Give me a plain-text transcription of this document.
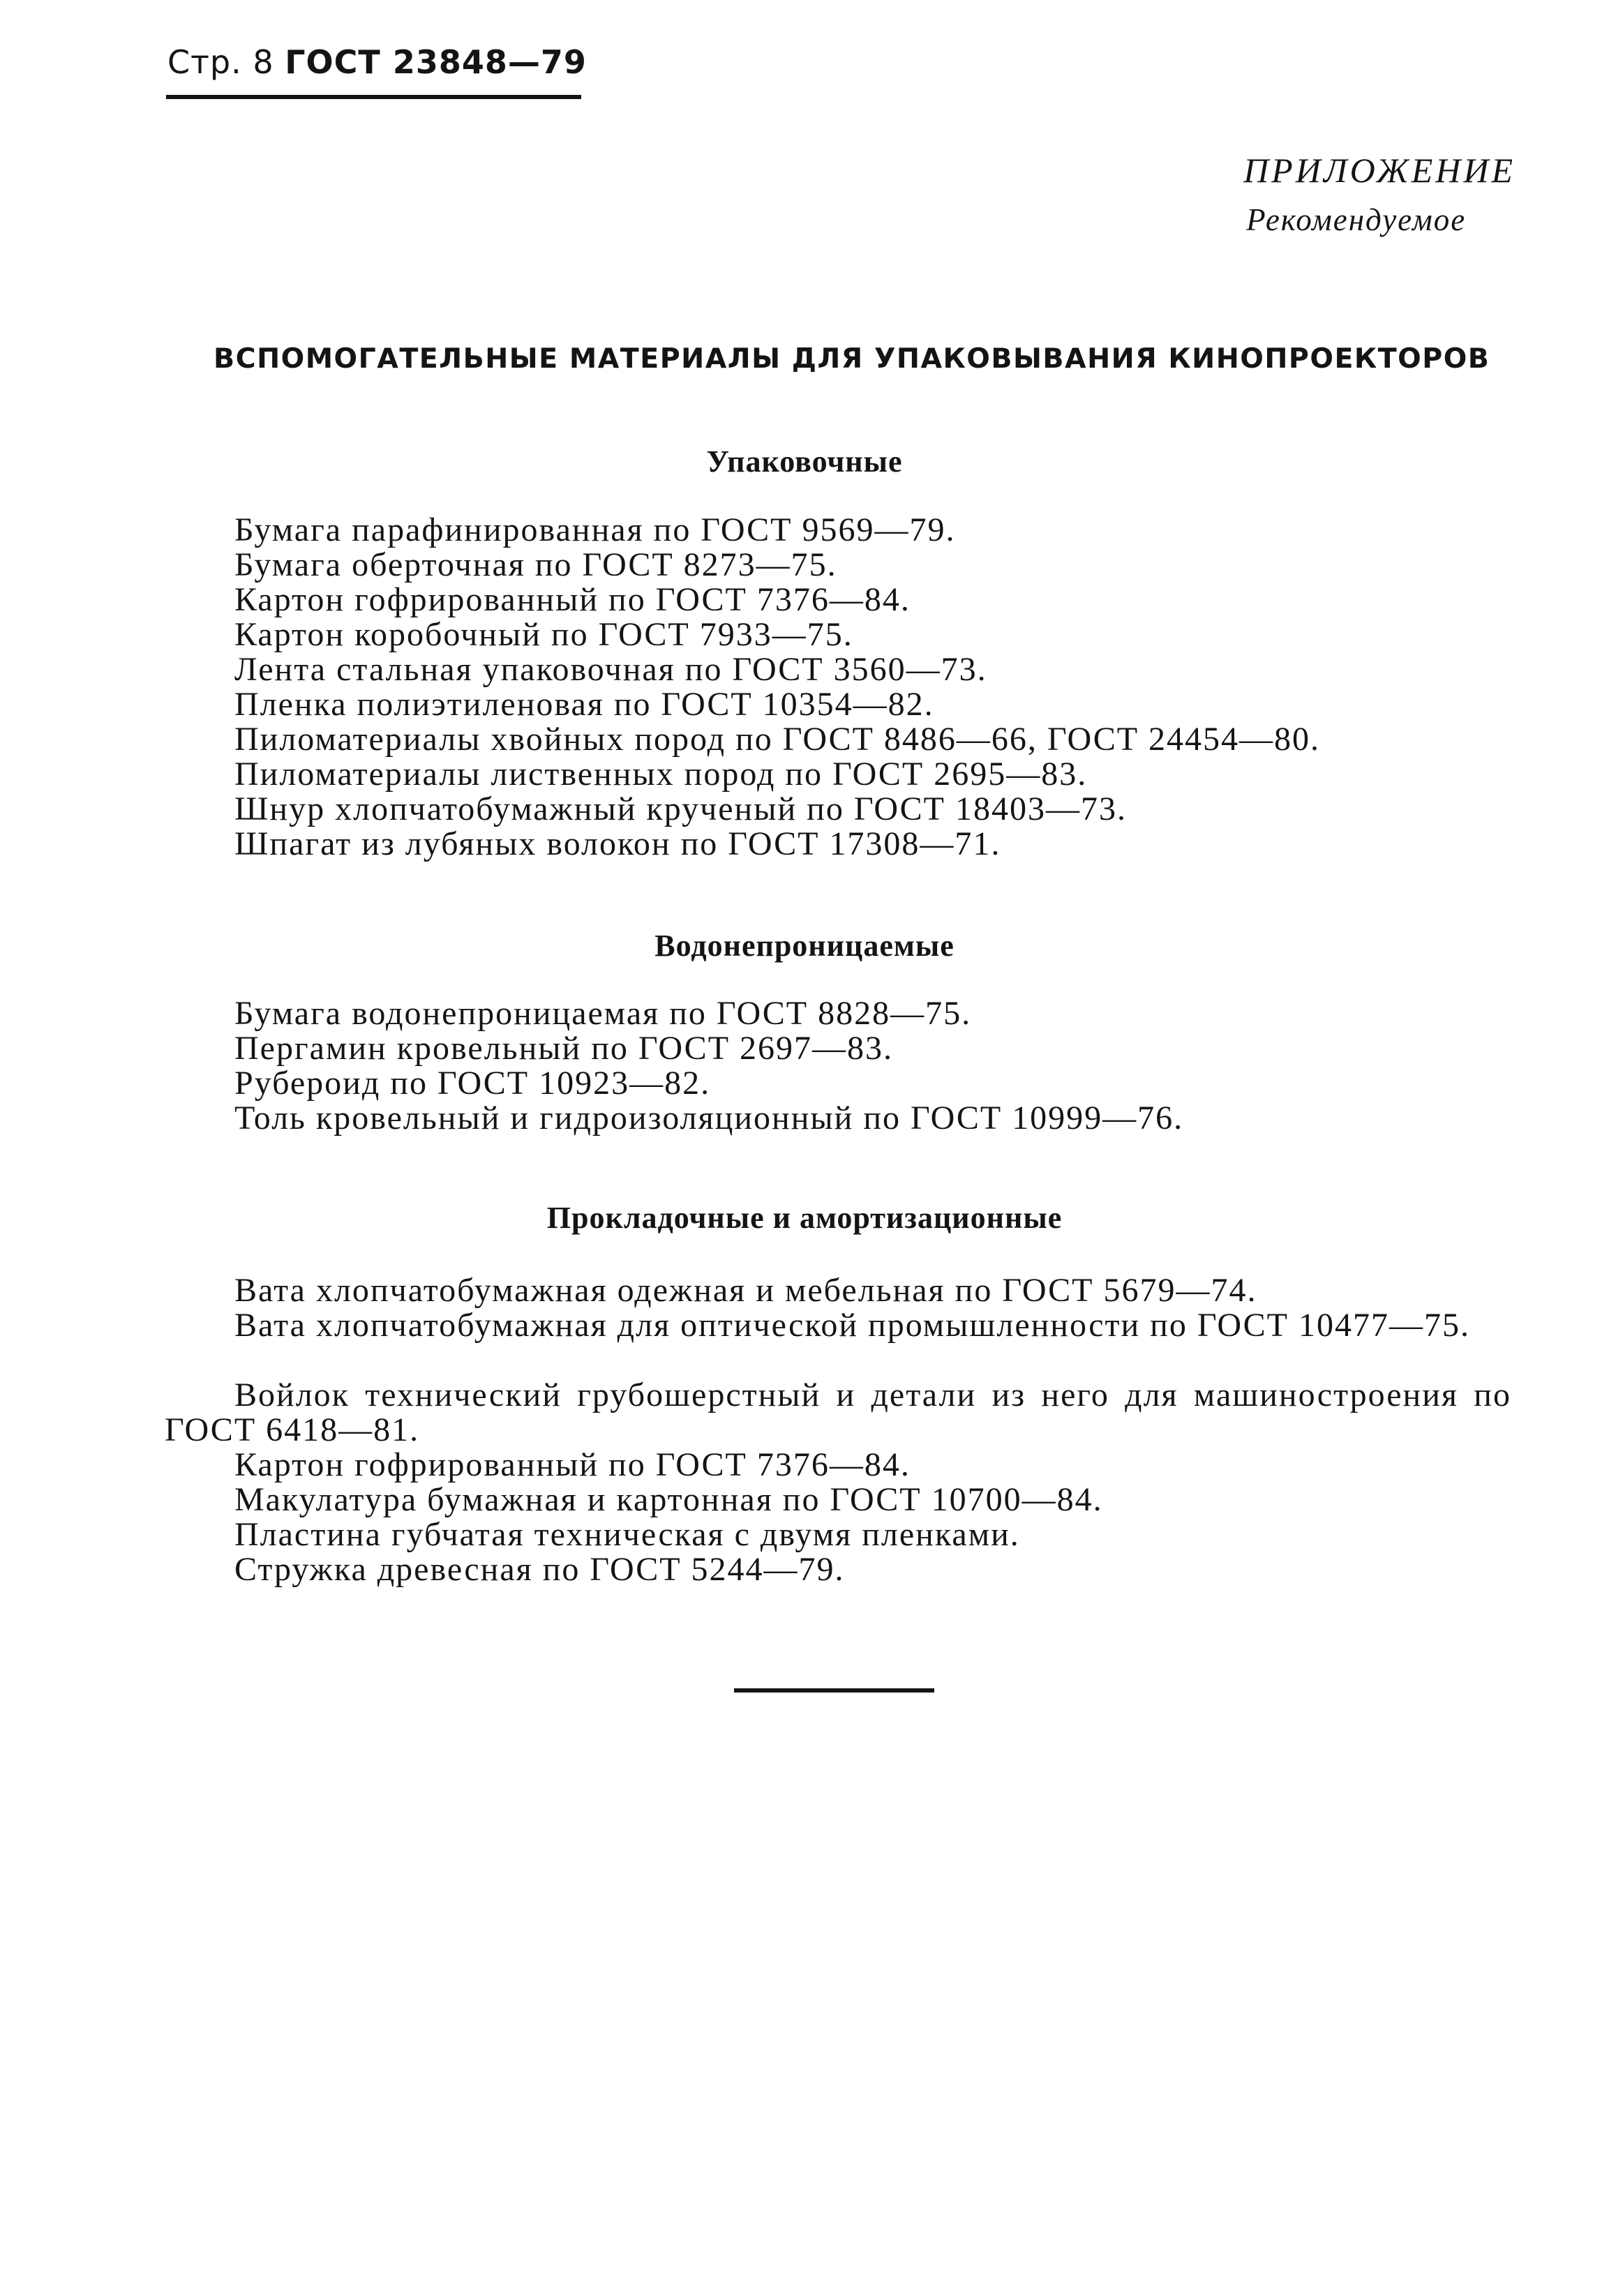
Стр. 8 ГОСТ 23848—79
ПРИЛОЖЕНИЕ
Рекомендуемое
ВСПОМОГАТЕЛЬНЫЕ МАТЕРИАЛЫ ДЛЯ УПАКОВЫВАНИЯ КИНОПРОЕКТОРОВ
Упаковочные
Бумага парафинированная по ГОСТ 9569—79.
Бумага оберточная по ГОСТ 8273—75.
Картон гофрированный по ГОСТ 7376—84.
Картон коробочный по ГОСТ 7933—75.
Лента стальная упаковочная по ГОСТ 3560—73.
Пленка полиэтиленовая по ГОСТ 10354—82.
Пиломатериалы хвойных пород по ГОСТ 8486—66, ГОСТ 24454—80.
Пиломатериалы лиственных пород по ГОСТ 2695—83.
Шнур хлопчатобумажный крученый по ГОСТ 18403—73.
Шпагат из лубяных волокон по ГОСТ 17308—71.
Водонепроницаемые
Бумага водонепроницаемая по ГОСТ 8828—75.
Пергамин кровельный по ГОСТ 2697—83.
Рубероид по ГОСТ 10923—82.
Толь кровельный и гидроизоляционный по ГОСТ 10999—76.
Прокладочные и амортизационные
Вата хлопчатобумажная одежная и мебельная по ГОСТ 5679—74.
Вата хлопчатобумажная для оптической промышленности по ГОСТ 10477—75.
Войлок технический грубошерстный и детали из него для машиностроения по ГОСТ 6418—81.
Картон гофрированный по ГОСТ 7376—84.
Макулатура бумажная и картонная по ГОСТ 10700—84.
Пластина губчатая техническая с двумя пленками.
Стружка древесная по ГОСТ 5244—79.
